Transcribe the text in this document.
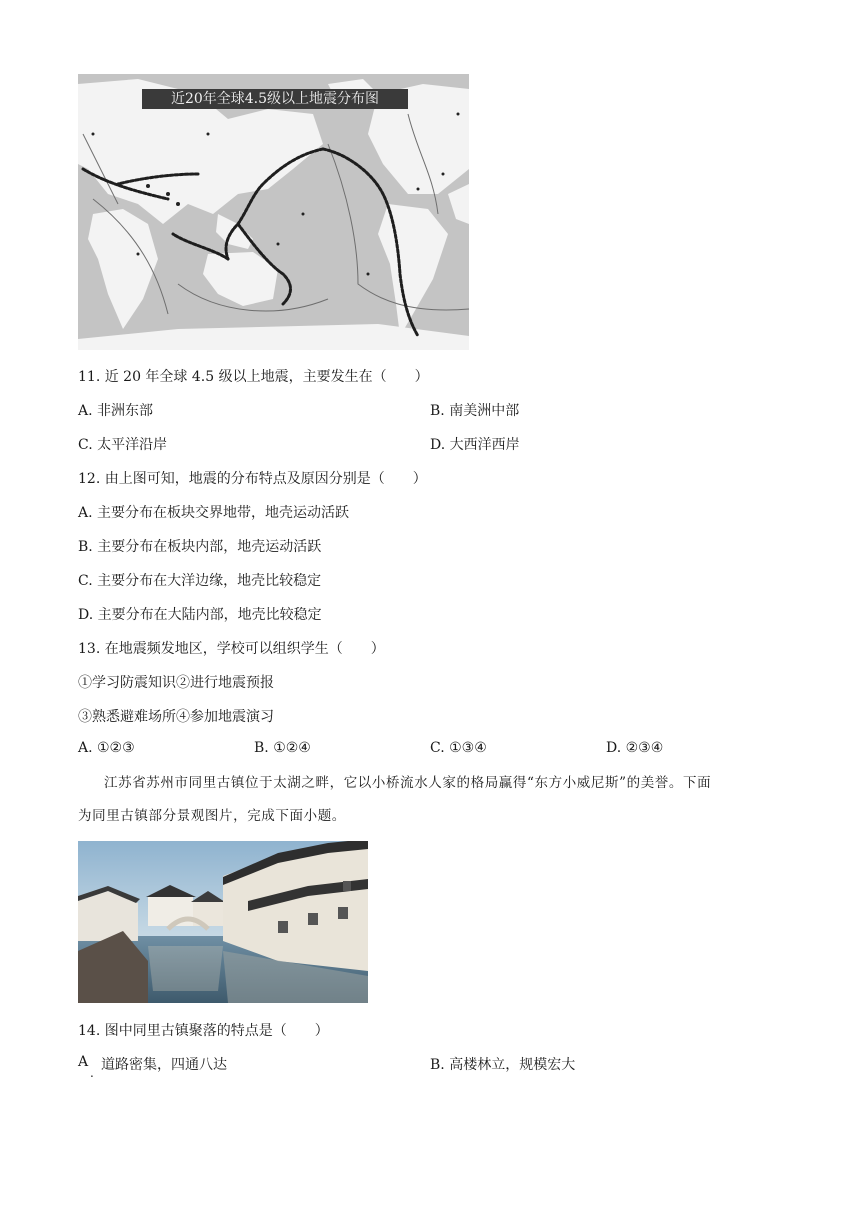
近20年全球4.5级以上地震分布图
11. 近 20 年全球 4.5 级以上地震，主要发生在（　　）
A. 非洲东部	B. 南美洲中部
C. 太平洋沿岸	D. 大西洋西岸
12. 由上图可知，地震的分布特点及原因分别是（　　）
A. 主要分布在板块交界地带，地壳运动活跃
B. 主要分布在板块内部，地壳运动活跃
C. 主要分布在大洋边缘，地壳比较稳定
D. 主要分布在大陆内部，地壳比较稳定
13. 在地震频发地区，学校可以组织学生（　　）
①学习防震知识②进行地震预报
③熟悉避难场所④参加地震演习
A. ①②③	B. ①②④	C. ①③④	D. ②③④
江苏省苏州市同里古镇位于太湖之畔，它以小桥流水人家的格局赢得“东方小威尼斯”的美誉。下面
为同里古镇部分景观图片，完成下面小题。
14. 图中同里古镇聚落的特点是（　　）
A
. 道路密集，四通八达	B. 高楼林立，规模宏大
